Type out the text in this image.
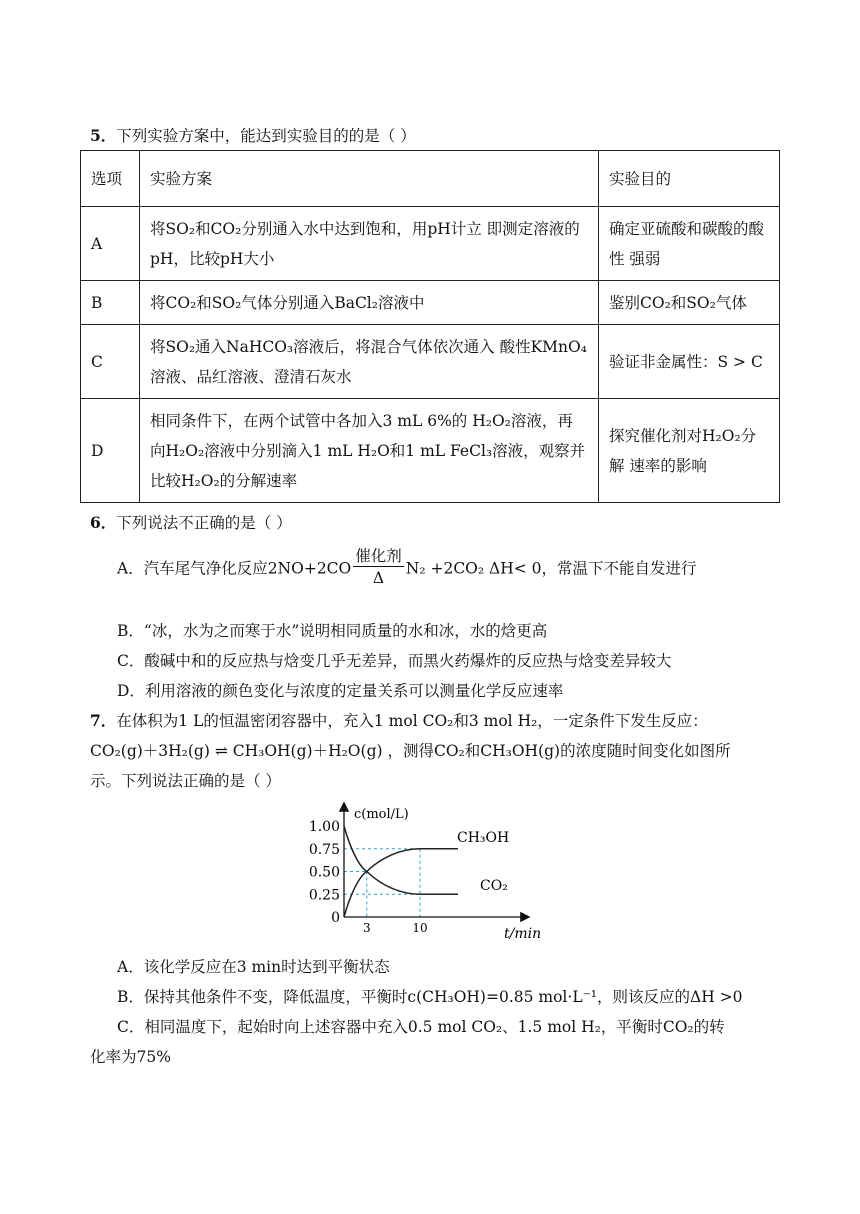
5．下列实验方案中，能达到实验目的的是（ ）
选项	实验方案	实验目的
A	将SO₂和CO₂分别通入水中达到饱和，用pH计立 即测定溶液的pH，比较pH大小	确定亚硫酸和碳酸的酸性 强弱
B	将CO₂和SO₂气体分别通入BaCl₂溶液中	鉴别CO₂和SO₂气体
C	将SO₂通入NaHCO₃溶液后，将混合气体依次通入 酸性KMnO₄溶液、品红溶液、澄清石灰水	验证非金属性：S > C
D	相同条件下，在两个试管中各加入3 mL 6%的 H₂O₂溶液，再向H₂O₂溶液中分别滴入1 mL H₂O和1 mL FeCl₃溶液，观察并比较H₂O₂的分解速率	探究催化剂对H₂O₂分解 速率的影响
6．下列说法不正确的是（ ）
A．汽车尾气净化反应$2NO+2CO \frac{\text{催化剂}}{\Delta} N_2 +2CO_2$ ΔH< 0，常温下不能自发进行
B．“冰，水为之而寒于水”说明相同质量的水和冰，水的焓更高
C．酸碱中和的反应热与焓变几乎无差异，而黑火药爆炸的反应热与焓变差异较大
D．利用溶液的颜色变化与浓度的定量关系可以测量化学反应速率
7．在体积为1 L的恒温密闭容器中，充入1 mol CO₂和3 mol H₂，一定条件下发生反应：
CO₂(g)＋3H₂(g) ⇌ CH₃OH(g)＋H₂O(g) ，测得CO₂和CH₃OH(g)的浓度随时间变化如图所
示。下列说法正确的是（ ）
1.00
0.75
0.50
0.25
0
3	10
c(mol/L)
t/min
CH₃OH
CO₂
A．该化学反应在3 min时达到平衡状态
B．保持其他条件不变，降低温度，平衡时c(CH₃OH)=0.85 mol·L⁻¹，则该反应的ΔH >0
C．相同温度下，起始时向上述容器中充入0.5 mol CO₂、1.5 mol H₂，平衡时CO₂的转
化率为75%
